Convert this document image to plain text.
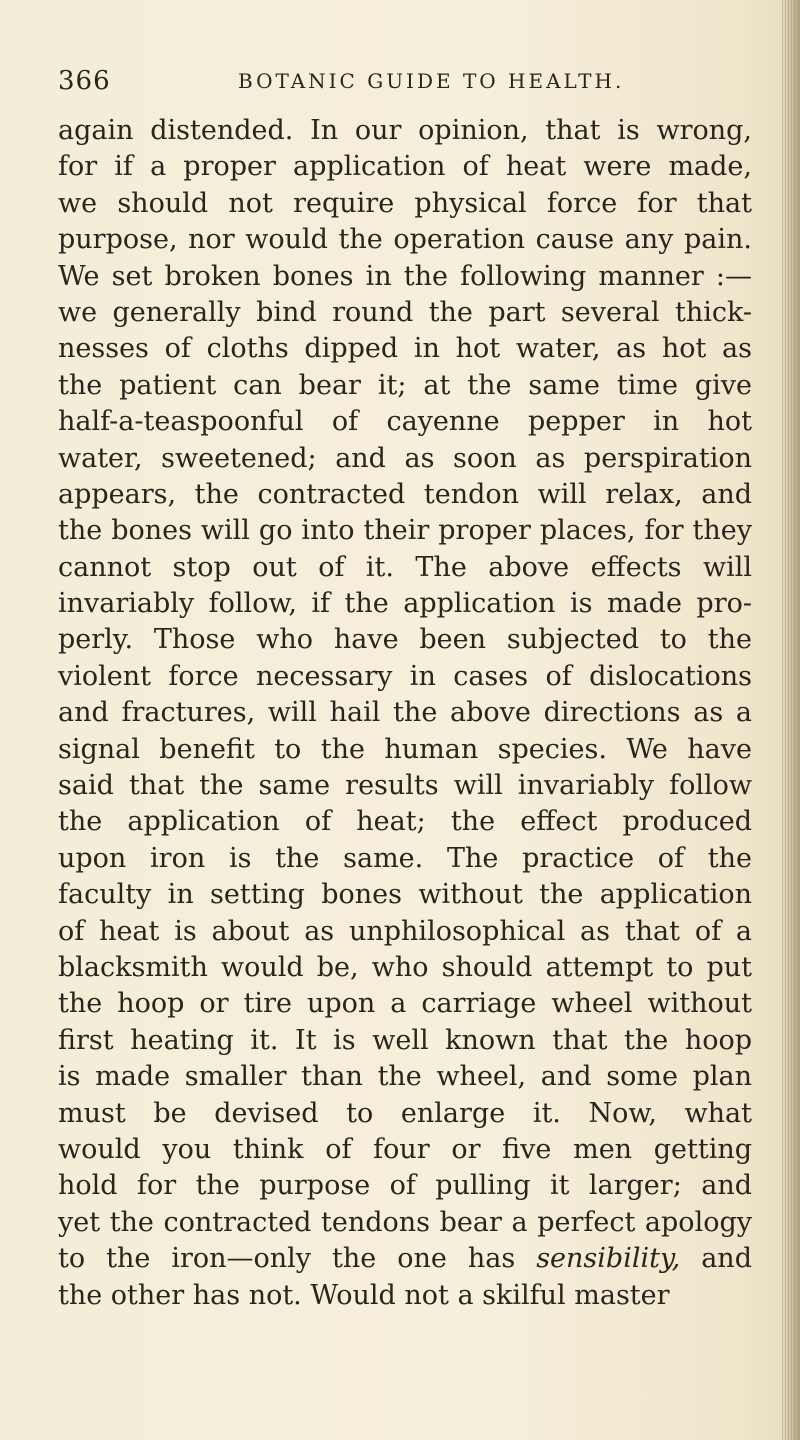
366	BOTANIC GUIDE TO HEALTH.
again distended. In our opinion, that is wrong,
for if a proper application of heat were made,
we should not require physical force for that
purpose, nor would the operation cause any pain.
We set broken bones in the following manner :—
we generally bind round the part several thick-
nesses of cloths dipped in hot water, as hot as
the patient can bear it; at the same time give
half-a-teaspoonful of cayenne pepper in hot
water, sweetened; and as soon as perspiration
appears, the contracted tendon will relax, and
the bones will go into their proper places, for they
cannot stop out of it. The above effects will
invariably follow, if the application is made pro-
perly. Those who have been subjected to the
violent force necessary in cases of dislocations
and fractures, will hail the above directions as a
signal benefit to the human species. We have
said that the same results will invariably follow
the application of heat; the effect produced
upon iron is the same. The practice of the
faculty in setting bones without the application
of heat is about as unphilosophical as that of a
blacksmith would be, who should attempt to put
the hoop or tire upon a carriage wheel without
first heating it. It is well known that the hoop
is made smaller than the wheel, and some plan
must be devised to enlarge it. Now, what
would you think of four or five men getting
hold for the purpose of pulling it larger; and
yet the contracted tendons bear a perfect apology
to the iron—only the one has sensibility, and
the other has not. Would not a skilful master
